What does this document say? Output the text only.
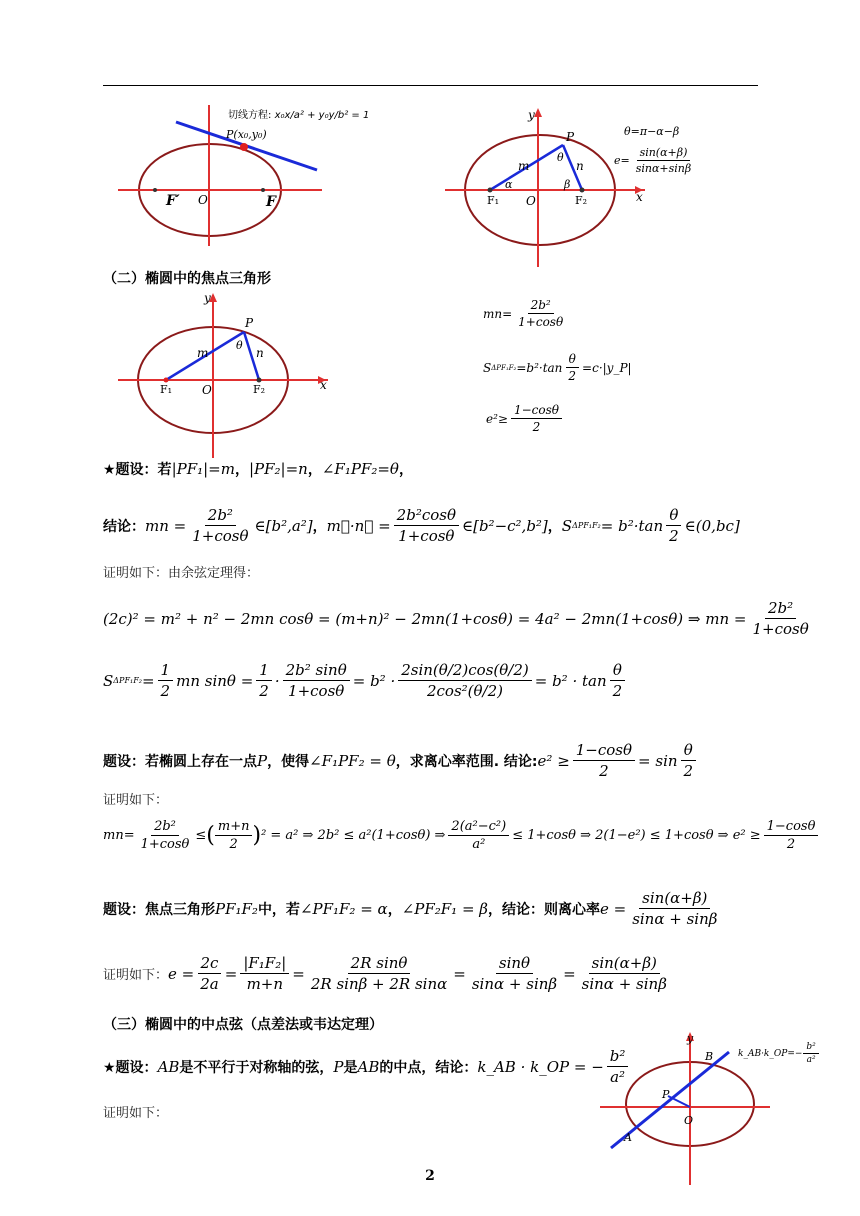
切线方程: x₀x/a² + y₀y/b² = 1
P(x₀,y₀)
F′ O	F
y
x
P
m	n
θ
α	β
F₁ O	F₂
θ=π−α−β
$e= \frac{\sin(\alpha+\beta)}{\sin\alpha+\sin\beta}$
（二）椭圆中的焦点三角形
y
x
P
m	n
θ
F₁ O	F₂
$mn= \frac{\text{2b²}}{1+\cos\theta}$
S $\Delta PF_1F_2 =b^2\cdot\tan \frac{\theta}{2}$ =c·|y_P|
$e^2\ge \frac{1-\cos\theta}{2}$
★题设：若 |PF₁|=m ， |PF₂|=n ， ∠F₁PF₂=θ ，
结论： mn = $\frac{\text{2b²}}{1+\cos\theta}$ ∈[b²,a²] ， m⃗·n⃗ = $\frac{\text{2b²cosθ}}{1+\cos\theta}$ ∈[b²−c²,b²] ， S ΔPF₁F₂ = b²·tan
θ
2
∈(0,bc]
证明如下：由余弦定理得：
(2c)² = m² + n² − 2mn cosθ = (m+n)² − 2mn(1+cosθ) = 4a² − 2mn(1+cosθ) ⇒ mn = $\frac{\text{2b²}}{1+\cos\theta}$
S $\Delta PF_1F_2 = \frac{1}{2}$ mn $\sin\theta = \frac{1}{2} \cdot \frac{\text{2b² sinθ}}{1+\cos\theta} = b^2 \cdot \frac{2\sin(\theta/2)\cos(\theta/2)}{\text{2cos²(θ/2)}} = b^2 \cdot \tan$
θ
2
题设：若椭圆上存在一点 P ，使得 ∠F₁PF₂ = θ ，求离心率范围. 结论: $e^2 \ge \frac{1-\cos\theta}{2} = \sin$
θ
2
证明如下：
$mn= \frac{\text{2b²}}{1+\cos\theta}$ ≤ ( m+n
2 ) ² = a² ⇒ 2b² ≤ a²(1+cosθ) ⇒ $\frac{\text{2(a²−c²)}}{\text{a²}} \le 1+\cos\theta$ ⇒ 2(1−e²) ≤ 1+cosθ ⇒ $e^2 \ge \frac{1-\cos\theta}{2}$
题设：焦点三角形 PF₁F₂ 中，若 ∠PF₁F₂ = α ， ∠PF₂F₁ = β ，结论：则离心率 $e = \frac{\sin(\alpha+\beta)}{\sin\alpha + \sin\beta}$
证明如下： $e = \frac{2c}{2a} = \frac{\text{|F₁F₂|}}{m+n} = \frac{\text{2R sinθ}}{\text{2R sinβ + 2R sinα}} = \frac{\sin\theta}{\sin\alpha + \sin\beta} = \frac{\sin(\alpha+\beta)}{\sin\alpha + \sin\beta}$
（三）椭圆中的中点弦（点差法或韦达定理）
★题设： AB 是不平行于对称轴的弦， P 是 AB 的中点，结论： k_AB · k_OP = − $\frac{\text{b²}}{\text{a²}}$
证明如下：
y
B
P
O
A
k_AB·k_OP=− $\frac{\text{b²}}{\text{a²}}$
2
